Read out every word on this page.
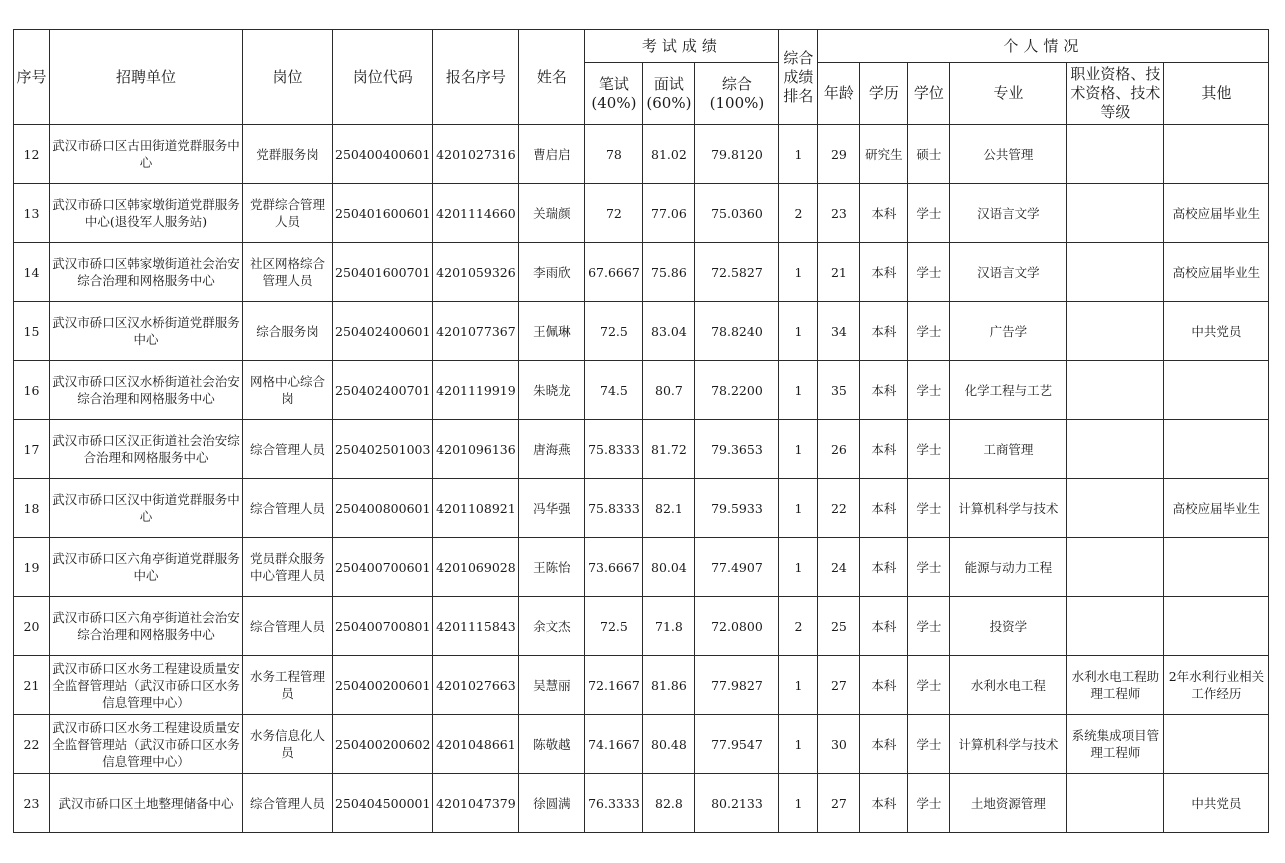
序号	招聘单位	岗位	岗位代码	报名序号	姓名	考试成绩			综合成绩排名	个人情况					
						笔试(40%)	面试(60%)	综合(100%)		年龄	学历	学位	专业	职业资格、技术资格、技术等级	其他
12	武汉市硚口区古田街道党群服务中心	党群服务岗	250400400601	4201027316	曹启启	78	81.02	79.8120	1	29	研究生	硕士	公共管理		
13	武汉市硚口区韩家墩街道党群服务中心(退役军人服务站)	党群综合管理人员	250401600601	4201114660	关瑞颜	72	77.06	75.0360	2	23	本科	学士	汉语言文学		高校应届毕业生
14	武汉市硚口区韩家墩街道社会治安综合治理和网格服务中心	社区网格综合管理人员	250401600701	4201059326	李雨欣	67.6667	75.86	72.5827	1	21	本科	学士	汉语言文学		高校应届毕业生
15	武汉市硚口区汉水桥街道党群服务中心	综合服务岗	250402400601	4201077367	王佩琳	72.5	83.04	78.8240	1	34	本科	学士	广告学		中共党员
16	武汉市硚口区汉水桥街道社会治安综合治理和网格服务中心	网格中心综合岗	250402400701	4201119919	朱晓龙	74.5	80.7	78.2200	1	35	本科	学士	化学工程与工艺		
17	武汉市硚口区汉正街道社会治安综合治理和网格服务中心	综合管理人员	250402501003	4201096136	唐海燕	75.8333	81.72	79.3653	1	26	本科	学士	工商管理		
18	武汉市硚口区汉中街道党群服务中心	综合管理人员	250400800601	4201108921	冯华强	75.8333	82.1	79.5933	1	22	本科	学士	计算机科学与技术		高校应届毕业生
19	武汉市硚口区六角亭街道党群服务中心	党员群众服务中心管理人员	250400700601	4201069028	王陈怡	73.6667	80.04	77.4907	1	24	本科	学士	能源与动力工程		
20	武汉市硚口区六角亭街道社会治安综合治理和网格服务中心	综合管理人员	250400700801	4201115843	余文杰	72.5	71.8	72.0800	2	25	本科	学士	投资学		
21	武汉市硚口区水务工程建设质量安全监督管理站（武汉市硚口区水务信息管理中心）	水务工程管理员	250400200601	4201027663	吴慧丽	72.1667	81.86	77.9827	1	27	本科	学士	水利水电工程	水利水电工程助理工程师	2年水利行业相关工作经历
22	武汉市硚口区水务工程建设质量安全监督管理站（武汉市硚口区水务信息管理中心）	水务信息化人员	250400200602	4201048661	陈敬越	74.1667	80.48	77.9547	1	30	本科	学士	计算机科学与技术	系统集成项目管理工程师	
23	武汉市硚口区土地整理储备中心	综合管理人员	250404500001	4201047379	徐圆满	76.3333	82.8	80.2133	1	27	本科	学士	土地资源管理		中共党员
